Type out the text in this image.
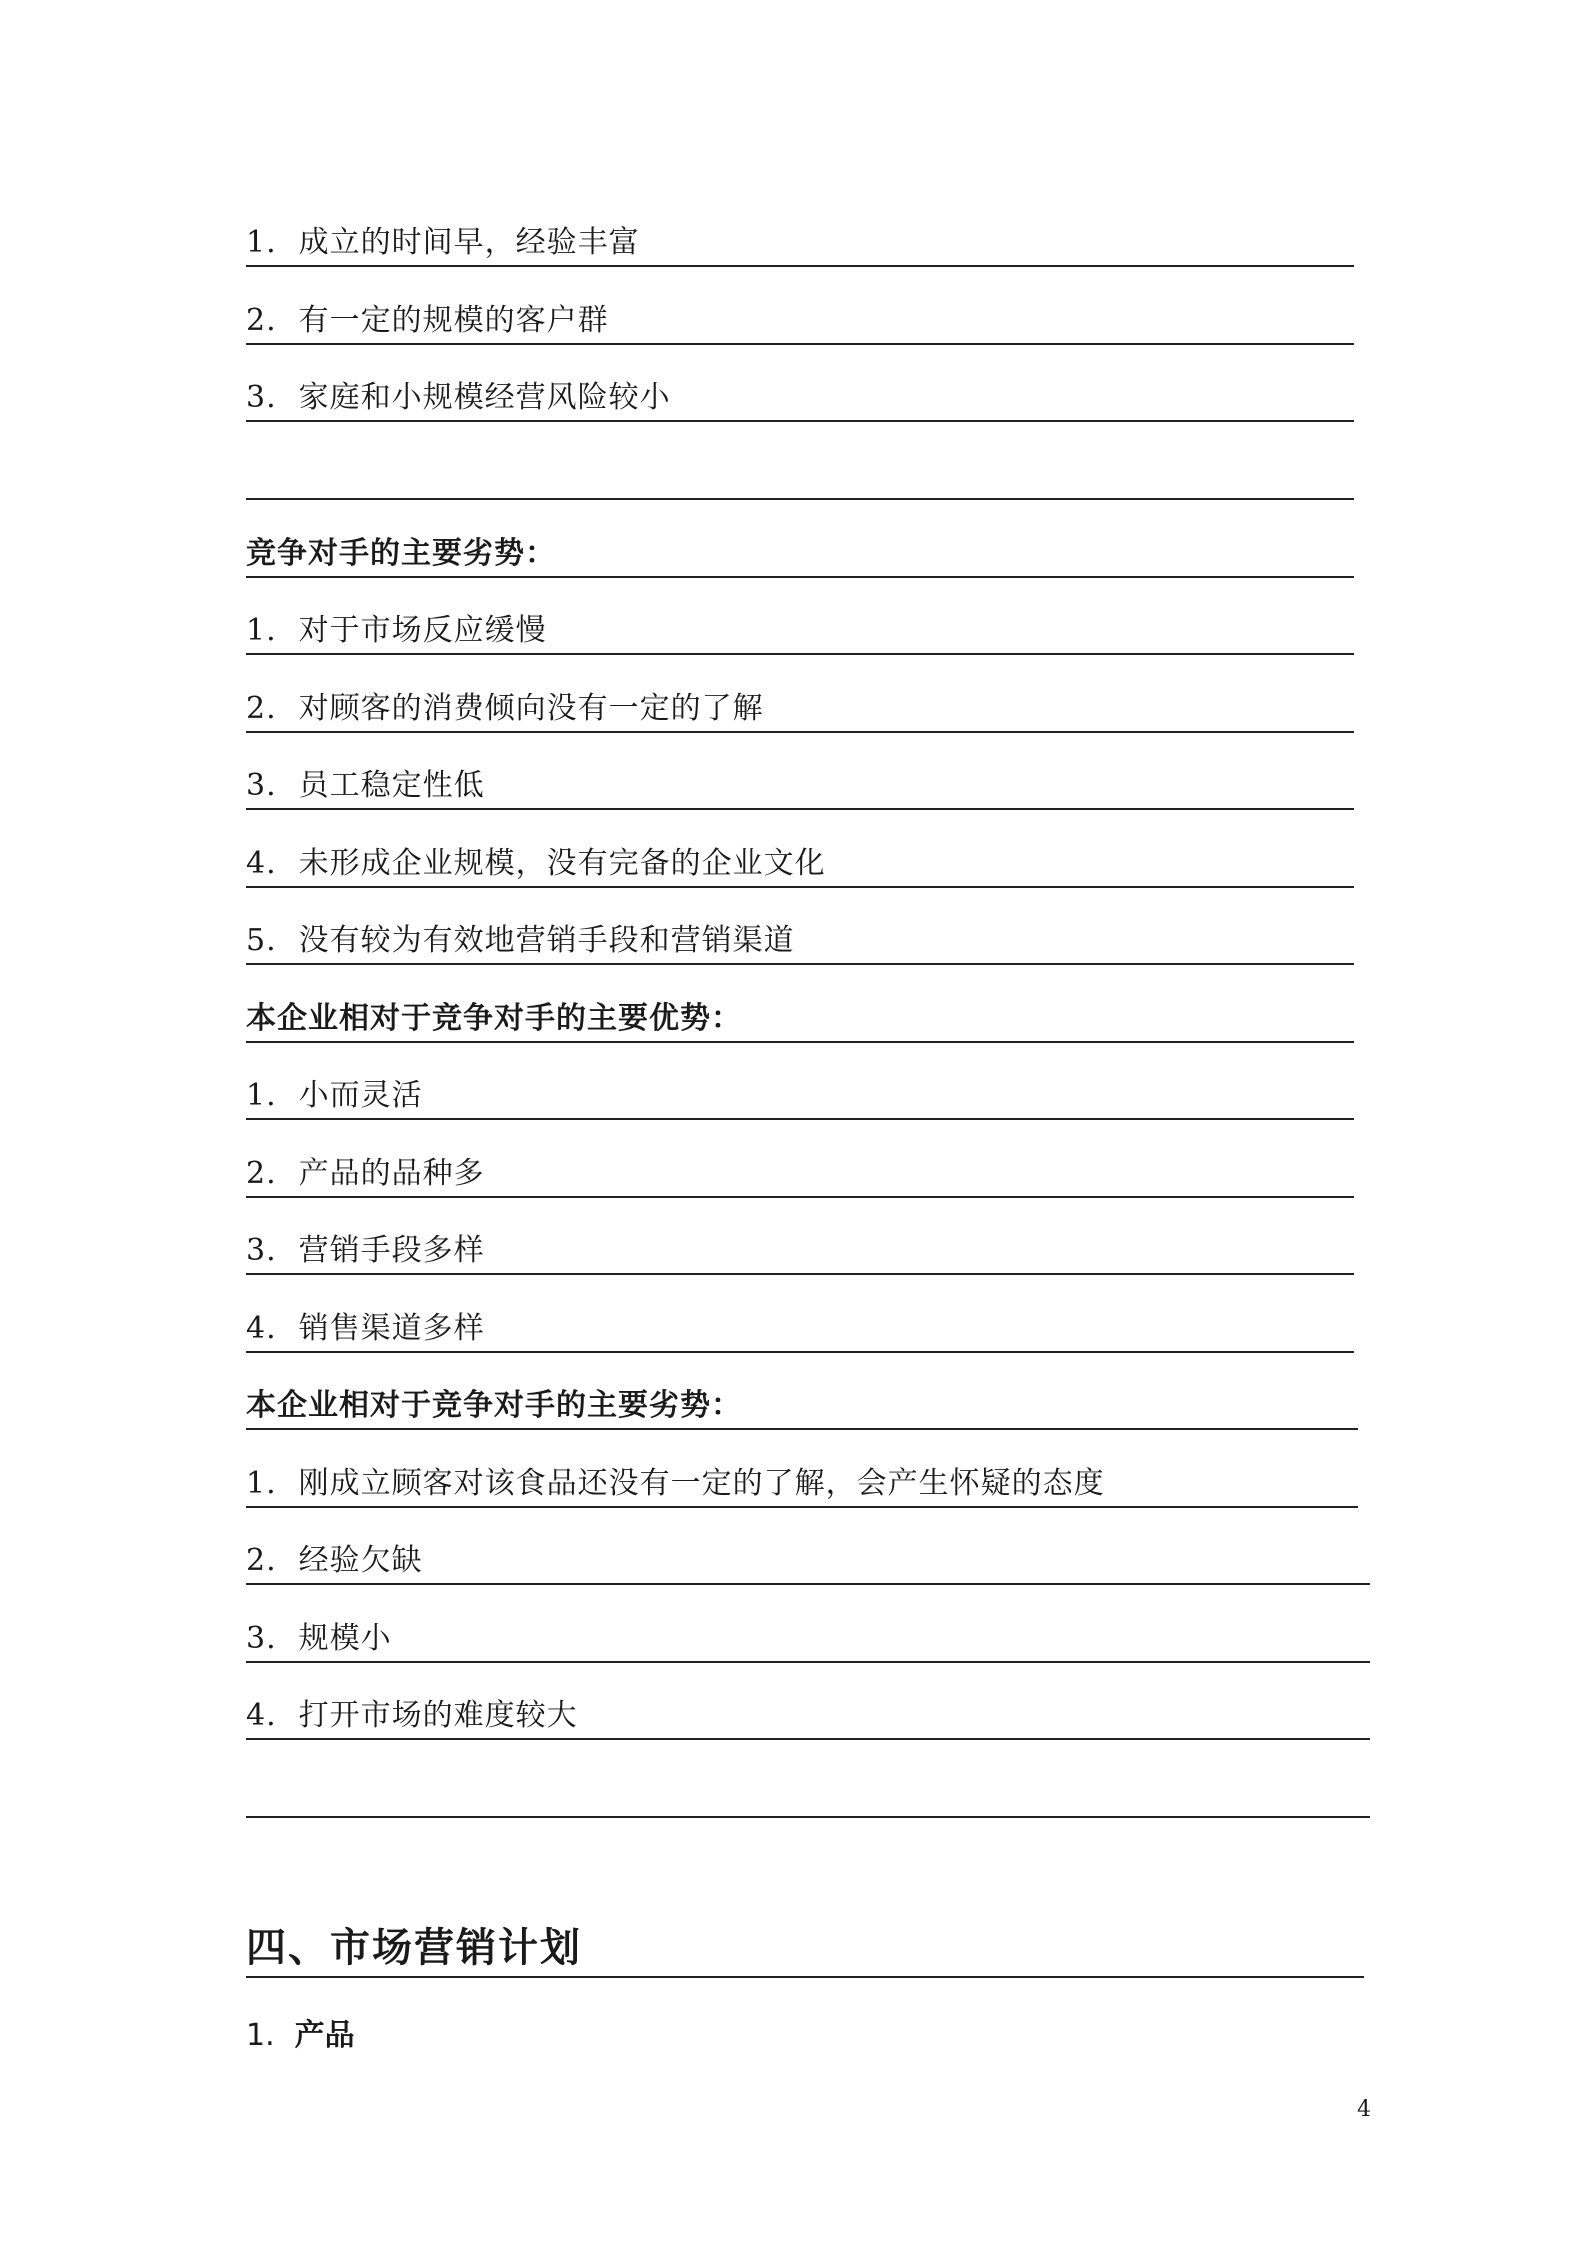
1. 成立的时间早，经验丰富
2. 有一定的规模的客户群
3. 家庭和小规模经营风险较小
竞争对手的主要劣势：
1. 对于市场反应缓慢
2. 对顾客的消费倾向没有一定的了解
3. 员工稳定性低
4. 未形成企业规模，没有完备的企业文化
5. 没有较为有效地营销手段和营销渠道
本企业相对于竞争对手的主要优势：
1. 小而灵活
2. 产品的品种多
3. 营销手段多样
4. 销售渠道多样
本企业相对于竞争对手的主要劣势：
1. 刚成立顾客对该食品还没有一定的了解，会产生怀疑的态度
2. 经验欠缺
3. 规模小
4. 打开市场的难度较大
四、市场营销计划
1. 产品
4
